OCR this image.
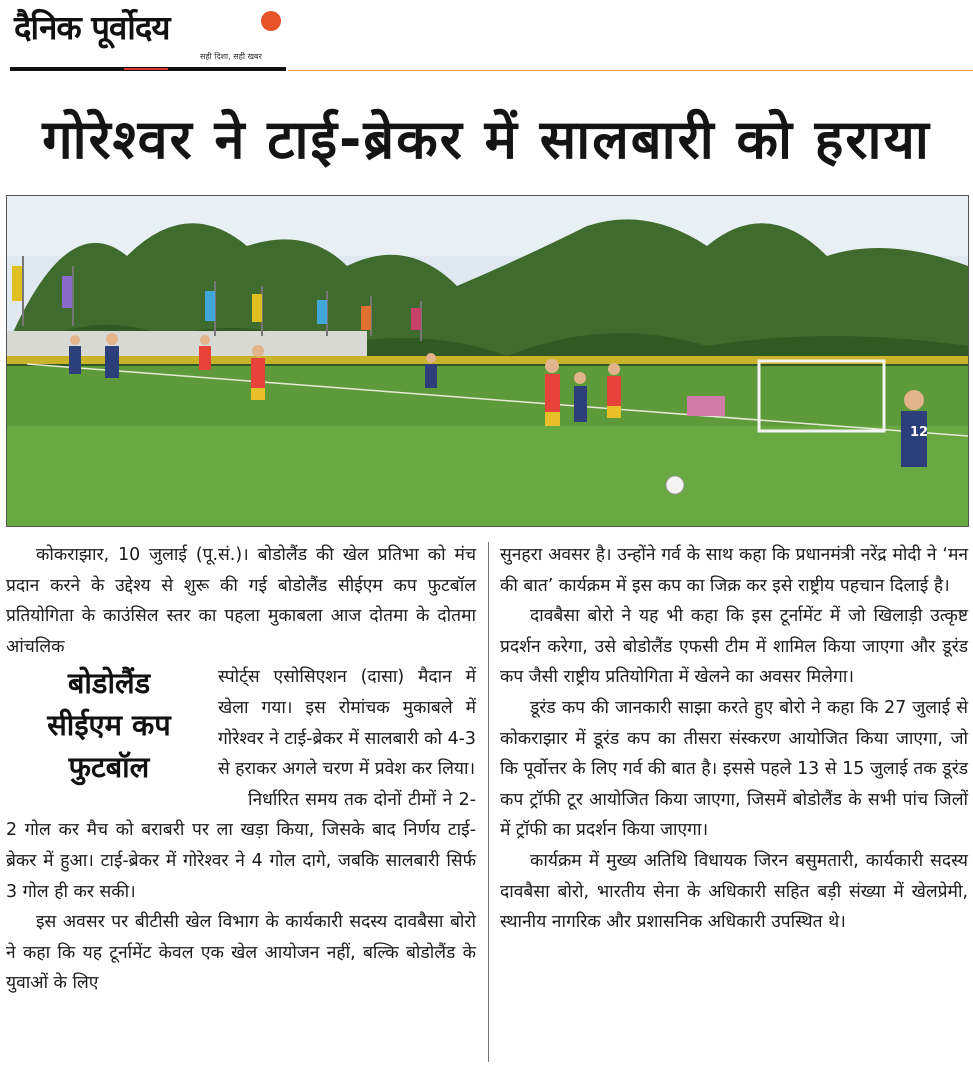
दैनिक पूर्वोदय
सही दिशा, सही खबर
गोरेश्वर ने टाई-ब्रेकर में सालबारी को हराया
12

कोकराझार, 10 जुलाई (पू.सं.)। बोडोलैंड की खेल प्रतिभा को मंच प्रदान करने के उद्देश्य से शुरू की गई बोडोलैंड सीईएम कप फुटबॉल प्रतियोगिता के काउंसिल स्तर का पहला मुकाबला आज दोतमा के दोतमा आंचलिक

बोडोलैंड
सीईएम कप
फुटबॉल
स्पोर्ट्स एसोसिएशन (दासा) मैदान में खेला गया। इस रोमांचक मुकाबले में गोरेश्वर ने टाई-ब्रेकर में सालबारी को 4-3 से हराकर अगले चरण में प्रवेश कर लिया।

निर्धारित समय तक दोनों टीमों ने 2-2 गोल कर मैच को बराबरी पर ला खड़ा किया, जिसके बाद निर्णय टाई-ब्रेकर में हुआ। टाई-ब्रेकर में गोरेश्वर ने 4 गोल दागे, जबकि सालबारी सिर्फ 3 गोल ही कर सकी।

इस अवसर पर बीटीसी खेल विभाग के कार्यकारी सदस्य दावबैसा बोरो ने कहा कि यह टूर्नामेंट केवल एक खेल आयोजन नहीं, बल्कि बोडोलैंड के युवाओं के लिए

सुनहरा अवसर है। उन्होंने गर्व के साथ कहा कि प्रधानमंत्री नरेंद्र मोदी ने ‘मन की बात’ कार्यक्रम में इस कप का जिक्र कर इसे राष्ट्रीय पहचान दिलाई है।

दावबैसा बोरो ने यह भी कहा कि इस टूर्नामेंट में जो खिलाड़ी उत्कृष्ट प्रदर्शन करेगा, उसे बोडोलैंड एफसी टीम में शामिल किया जाएगा और डूरंड कप जैसी राष्ट्रीय प्रतियोगिता में खेलने का अवसर मिलेगा।

डूरंड कप की जानकारी साझा करते हुए बोरो ने कहा कि 27 जुलाई से कोकराझार में डूरंड कप का तीसरा संस्करण आयोजित किया जाएगा, जो कि पूर्वोत्तर के लिए गर्व की बात है। इससे पहले 13 से 15 जुलाई तक डूरंड कप ट्रॉफी टूर आयोजित किया जाएगा, जिसमें बोडोलैंड के सभी पांच जिलों में ट्रॉफी का प्रदर्शन किया जाएगा।

कार्यक्रम में मुख्य अतिथि विधायक जिरन बसुमतारी, कार्यकारी सदस्य दावबैसा बोरो, भारतीय सेना के अधिकारी सहित बड़ी संख्या में खेलप्रेमी, स्थानीय नागरिक और प्रशासनिक अधिकारी उपस्थित थे।
